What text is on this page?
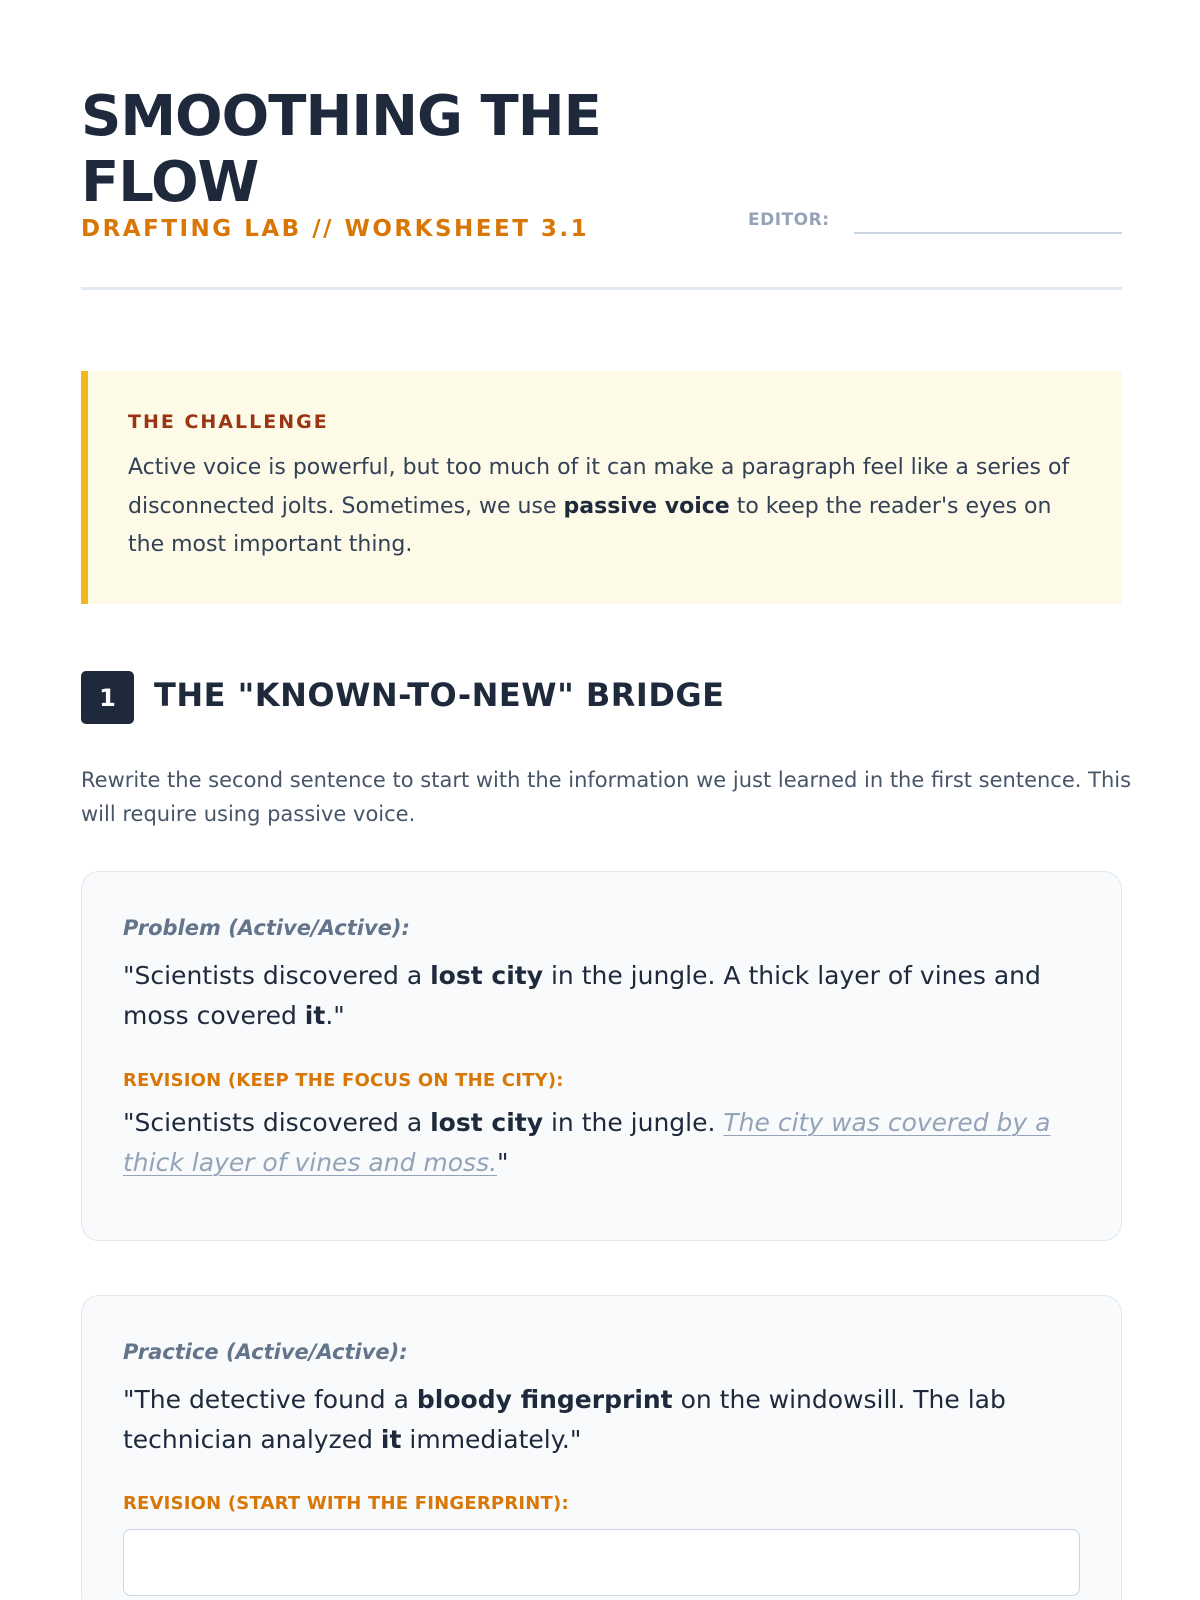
SMOOTHING THE FLOW
DRAFTING LAB // WORKSHEET 3.1	EDITOR:
THE CHALLENGE

Active voice is powerful, but too much of it can make a paragraph feel like a series of disconnected jolts. Sometimes, we use passive voice to keep the reader's eyes on the most important thing.

1	THE "KNOWN-TO-NEW" BRIDGE

Rewrite the second sentence to start with the information we just learned in the first sentence. This will require using passive voice.

Problem (Active/Active):

"Scientists discovered a lost city in the jungle. A thick layer of vines and moss covered it."

REVISION (KEEP THE FOCUS ON THE CITY):

"Scientists discovered a lost city in the jungle. The city was covered by a thick layer of vines and moss."

Practice (Active/Active):

"The detective found a bloody fingerprint on the windowsill. The lab technician analyzed it immediately."

REVISION (START WITH THE FINGERPRINT):
